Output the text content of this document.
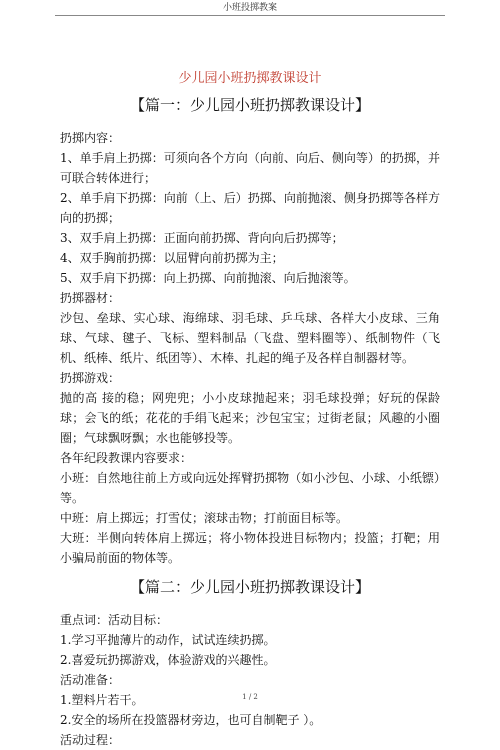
小班投掷教案
少儿园小班扔掷教课设计
【篇一：少儿园小班扔掷教课设计】

扔掷内容：

1、单手肩上扔掷：可须向各个方向（向前、向后、侧向等）的扔掷，并可联合转体进行；

2、单手肩下扔掷：向前（上、后）扔掷、向前抛滚、侧身扔掷等各样方向的扔掷；

3、双手肩上扔掷：正面向前扔掷、背向向后扔掷等；

4、双手胸前扔掷：以屈臂向前扔掷为主；

5、双手肩下扔掷：向上扔掷、向前抛滚、向后抛滚等。

扔掷器材：

沙包、垒球、实心球、海绵球、羽毛球、乒乓球、各样大小皮球、三角球、气球、毽子、飞标、塑料制品（飞盘、塑料圈等）、纸制物件（飞机、纸棒、纸片、纸团等）、木棒、扎起的绳子及各样自制器材等。

扔掷游戏：

抛的高 接的稳；网兜兜；小小皮球抛起来；羽毛球投弹；好玩的保龄球；会飞的纸；花花的手绢飞起来；沙包宝宝；过街老鼠；风趣的小圈圈；气球飘呀飘；水也能够投等。

各年纪段教课内容要求：

小班：自然地往前上方或向远处挥臂扔掷物（如小沙包、小球、小纸镖）等。

中班：肩上掷远；打雪仗；滚球击物；打前面目标等。

大班：半侧向转体肩上掷远；将小物体投进目标物内；投篮；打靶；用小骗局前面的物体等。

【篇二：少儿园小班扔掷教课设计】

重点词：活动目标：

1.学习平抛薄片的动作，试试连续扔掷。

2.喜爱玩扔掷游戏，体验游戏的兴趣性。

活动准备：

1.塑料片若干。

2.安全的场所在投篮器材旁边，也可自制靶子 ）。

活动过程：

1 / 2
